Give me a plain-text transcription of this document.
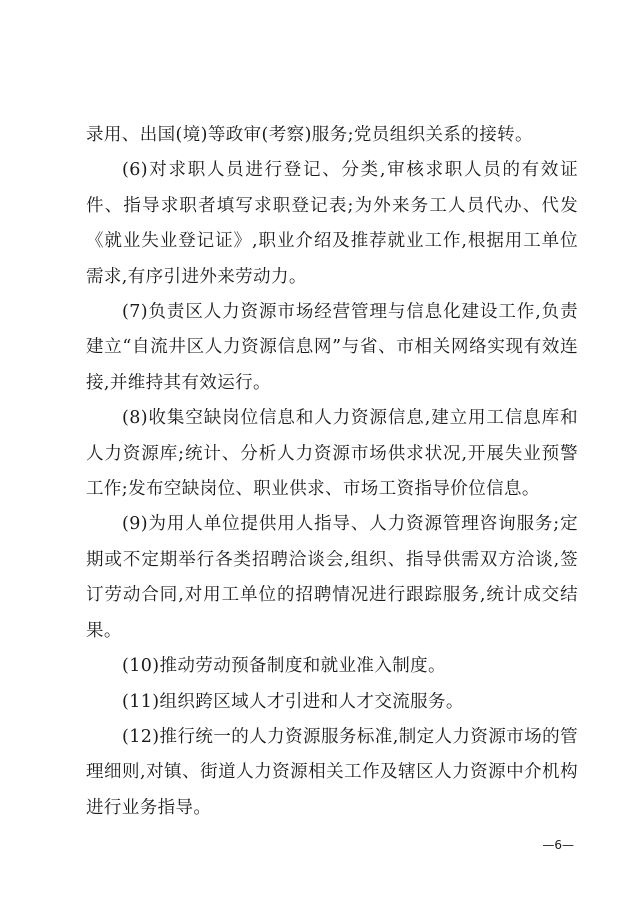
录用、出国(境)等政审(考察)服务;党员组织关系的接转。

(6)对求职人员进行登记、分类,审核求职人员的有效证件、指导求职者填写求职登记表;为外来务工人员代办、代发《就业失业登记证》,职业介绍及推荐就业工作,根据用工单位需求,有序引进外来劳动力。

(7)负责区人力资源市场经营管理与信息化建设工作,负责建立“自流井区人力资源信息网”与省、市相关网络实现有效连接,并维持其有效运行。

(8)收集空缺岗位信息和人力资源信息,建立用工信息库和人力资源库;统计、分析人力资源市场供求状况,开展失业预警工作;发布空缺岗位、职业供求、市场工资指导价位信息。

(9)为用人单位提供用人指导、人力资源管理咨询服务;定期或不定期举行各类招聘洽谈会,组织、指导供需双方洽谈,签订劳动合同,对用工单位的招聘情况进行跟踪服务,统计成交结果。

(10)推动劳动预备制度和就业准入制度。

(11)组织跨区域人才引进和人才交流服务。

(12)推行统一的人力资源服务标准,制定人力资源市场的管理细则,对镇、街道人力资源相关工作及辖区人力资源中介机构进行业务指导。

—6—
